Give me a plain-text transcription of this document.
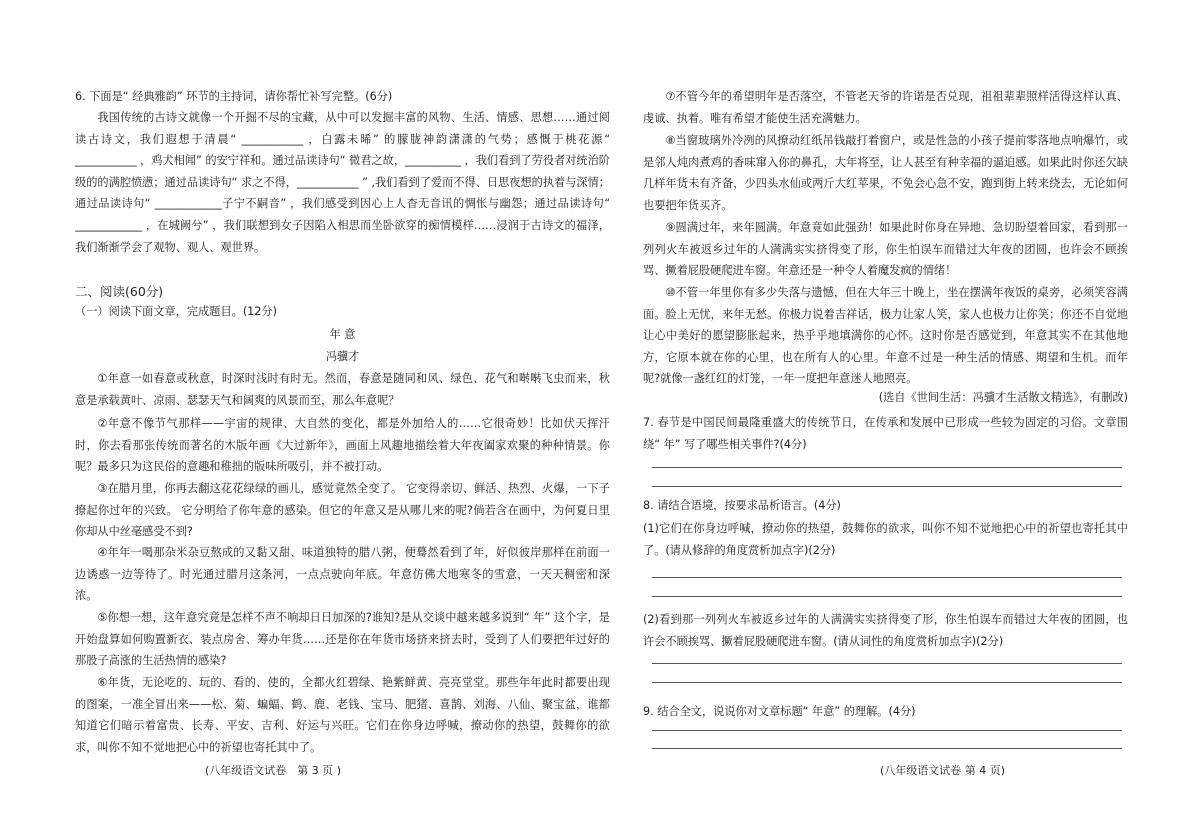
6. 下面是“ 经典雅韵” 环节的主持词，请你帮忙补写完整。(6分)
我国传统的古诗文就像一个开掘不尽的宝藏，从中可以发掘丰富的风物、生活、情感、思想……通过阅读古诗文，我们遐想于清晨“ ___________ ，白露未晞” 的朦胧神韵潇潇的气势；感慨于桃花源“ ___________ ，鸡犬相闻” 的安宁祥和。通过品读诗句“ 微君之故，__________ ，我们看到了劳役者对统治阶级的的满腔愤懑；通过品读诗句“ 求之不得，___________ ” ,我们看到了爱而不得、日思夜想的执着与深情；通过品读诗句“ ____________子宁不嗣音” ，我们感受到因心上人杳无音讯的惆怅与幽怨；通过品读诗句“ ____________ ，在城阙兮” ，我们联想到女子因陷入相思而坐卧欲穿的痴情模样……浸润于古诗文的福泽，我们渐渐学会了观物、观人、观世界。
二、阅读(60分)
（一）阅读下面文章，完成题目。(12分)
年 意
冯骥才
①年意一如春意或秋意，时深时浅时有时无。然而，春意是随同和风、绿色、花气和啭啭飞虫而来，秋意是承载黄叶、凉雨、瑟瑟天气和阔爽的风景而至，那么年意呢？
②年意不像节气那样——宇宙的规律、大自然的变化，都是外加给人的……它很奇妙！比如伏天挥汗时，你去看那张传统而著名的木版年画《大过新年》，画面上风趣地描绘着大年夜阖家欢聚的种种情景。你呢？最多只为这民俗的意趣和稚拙的版味所吸引，并不被打动。
③在腊月里，你再去翻这花花绿绿的画儿，感觉竟然全变了。 它变得亲切、鲜活、热烈、火爆，一下子撩起你过年的兴致。 它分明给了你年意的感染。但它的年意又是从哪儿来的呢?倘若含在画中，为何夏日里你却从中丝毫感受不到?
④年年一喝那杂米杂豆熬成的又黏又甜、味道独特的腊八粥，便蓦然看到了年，好似彼岸那样在前面一边诱惑一边等待了。时光通过腊月这条河，一点点驶向年底。年意仿佛大地寒冬的雪意，一天天稠密和深浓。
⑤你想一想，这年意究竟是怎样不声不响却日日加深的?谁知?是从交谈中越来越多说到“ 年” 这个字，是开始盘算如何购置新衣、装点房舍、筹办年货……还是你在年货市场挤来挤去时，受到了人们要把年过好的那股子高涨的生活热情的感染?
⑥年货，无论吃的、玩的、看的、使的，全都火红碧绿、艳紫鲜黄、亮亮堂堂。那些年年此时都要出现的图案，一准全冒出来——松、菊、蝙蝠、鹤、鹿、老钱、宝马、肥猪、喜鹊、刘海、八仙、聚宝盆，谁都知道它们暗示着富贵、长寿、平安、吉利、好运与兴旺。它们在你身边呼喊，撩动你的热望，鼓舞你的欲求，叫你不知不觉地把心中的祈望也寄托其中了。
(八年级语文试卷　第 3 页 )
⑦不管今年的希望明年是否落空，不管老天爷的许诺是否兑现，祖祖辈辈照样活得这样认真、虔诚、执着。唯有希望才能使生活充满魅力。
⑧当窗玻璃外冷冽的风撩动红纸吊钱敲打着窗户，或是性急的小孩子提前零落地点响爆竹，或是邻人炖肉煮鸡的香味窜入你的鼻孔，大年将至，让人甚至有种幸福的逼迫感。如果此时你还欠缺几样年货未有齐备，少四头水仙或两斤大红苹果，不免会心急不安，跑到街上转来绕去，无论如何也要把年货买齐。
⑨圆满过年，来年圆满。年意竟如此强劲！如果此时你身在异地、急切盼望着回家，看到那一列列火车被返乡过年的人满满实实挤得变了形，你生怕误车而错过大年夜的团圆，也许会不顾挨骂、撅着屁股硬爬进车窗。年意还是一种令人着魔发疯的情绪！
⑩不管一年里你有多少失落与遗憾，但在大年三十晚上，坐在摆满年夜饭的桌旁，必须笑容满面。脸上无忧，来年无愁。你极力说着吉祥话，极力让家人笑，家人也极力让你笑；你还不自觉地让心中美好的愿望膨胀起来，热乎乎地填满你的心怀。这时你是否感觉到，年意其实不在其他地方，它原本就在你的心里，也在所有人的心里。年意不过是一种生活的情感、期望和生机。而年呢?就像一盏红红的灯笼，一年一度把年意迷人地照亮。
(选自《世间生活：冯骥才生活散文精选》，有删改)
7. 春节是中国民间最隆重盛大的传统节日，在传承和发展中已形成一些较为固定的习俗。文章围绕“ 年” 写了哪些相关事件?(4分)
8. 请结合语境，按要求品析语言。(4分)
(1)它们在你身边呼喊，撩动你的热望，鼓舞你的欲求，叫你不知不觉地把心中的祈望也寄托其中了。(请从修辞的角度赏析加点字)(2分)
(2)看到那一列列火车被返乡过年的人满满实实挤得变了形，你生怕误车而错过大年夜的团圆，也许会不顾挨骂、撅着屁股硬爬进车窗。(请从词性的角度赏析加点字)(2分)
9. 结合全文，说说你对文章标题“ 年意” 的理解。(4分)
(八年级语文试卷 第 4 页)
